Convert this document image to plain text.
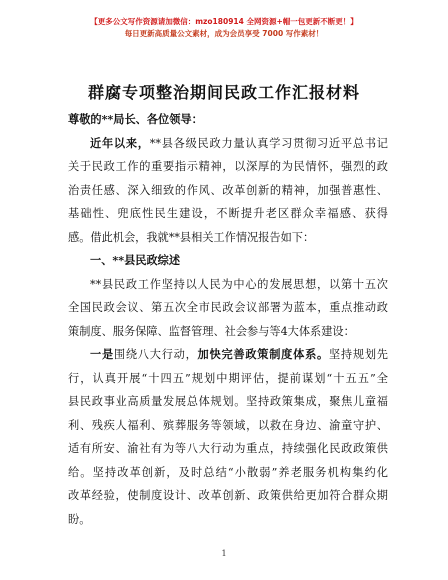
【更多公文写作资源请加微信：mzo180914 全网资源+帽一包更新不断更！】
每日更新高质量公文素材，成为会员享受 7000 写作素材！
群腐专项整治期间民政工作汇报材料
尊敬的**局长、各位领导：
近年以来，**县各级民政力量认真学习贯彻习近平总书记
关于民政工作的重要指示精神，以深厚的为民情怀，强烈的政
治责任感、深入细致的作风、改革创新的精神，加强普惠性、
基础性、兜底性民生建设，不断提升老区群众幸福感、获得
感。借此机会，我就**县相关工作情况报告如下：
一、**县民政综述
**县民政工作坚持以人民为中心的发展思想，以第十五次
全国民政会议、第五次全市民政会议部署为蓝本，重点推动政
策制度、服务保障、监督管理、社会参与等4大体系建设：
一是围绕八大行动，加快完善政策制度体系。坚持规划先
行，认真开展“十四五”规划中期评估，提前谋划“十五五”全
县民政事业高质量发展总体规划。坚持政策集成，聚焦儿童福
利、残疾人福利、殡葬服务等领域，以救在身边、渝童守护、
适有所安、渝社有为等八大行动为重点，持续强化民政政策供
给。坚持改革创新，及时总结“小散弱”养老服务机构集约化
改革经验，使制度设计、改革创新、政策供给更加符合群众期
盼。
1
